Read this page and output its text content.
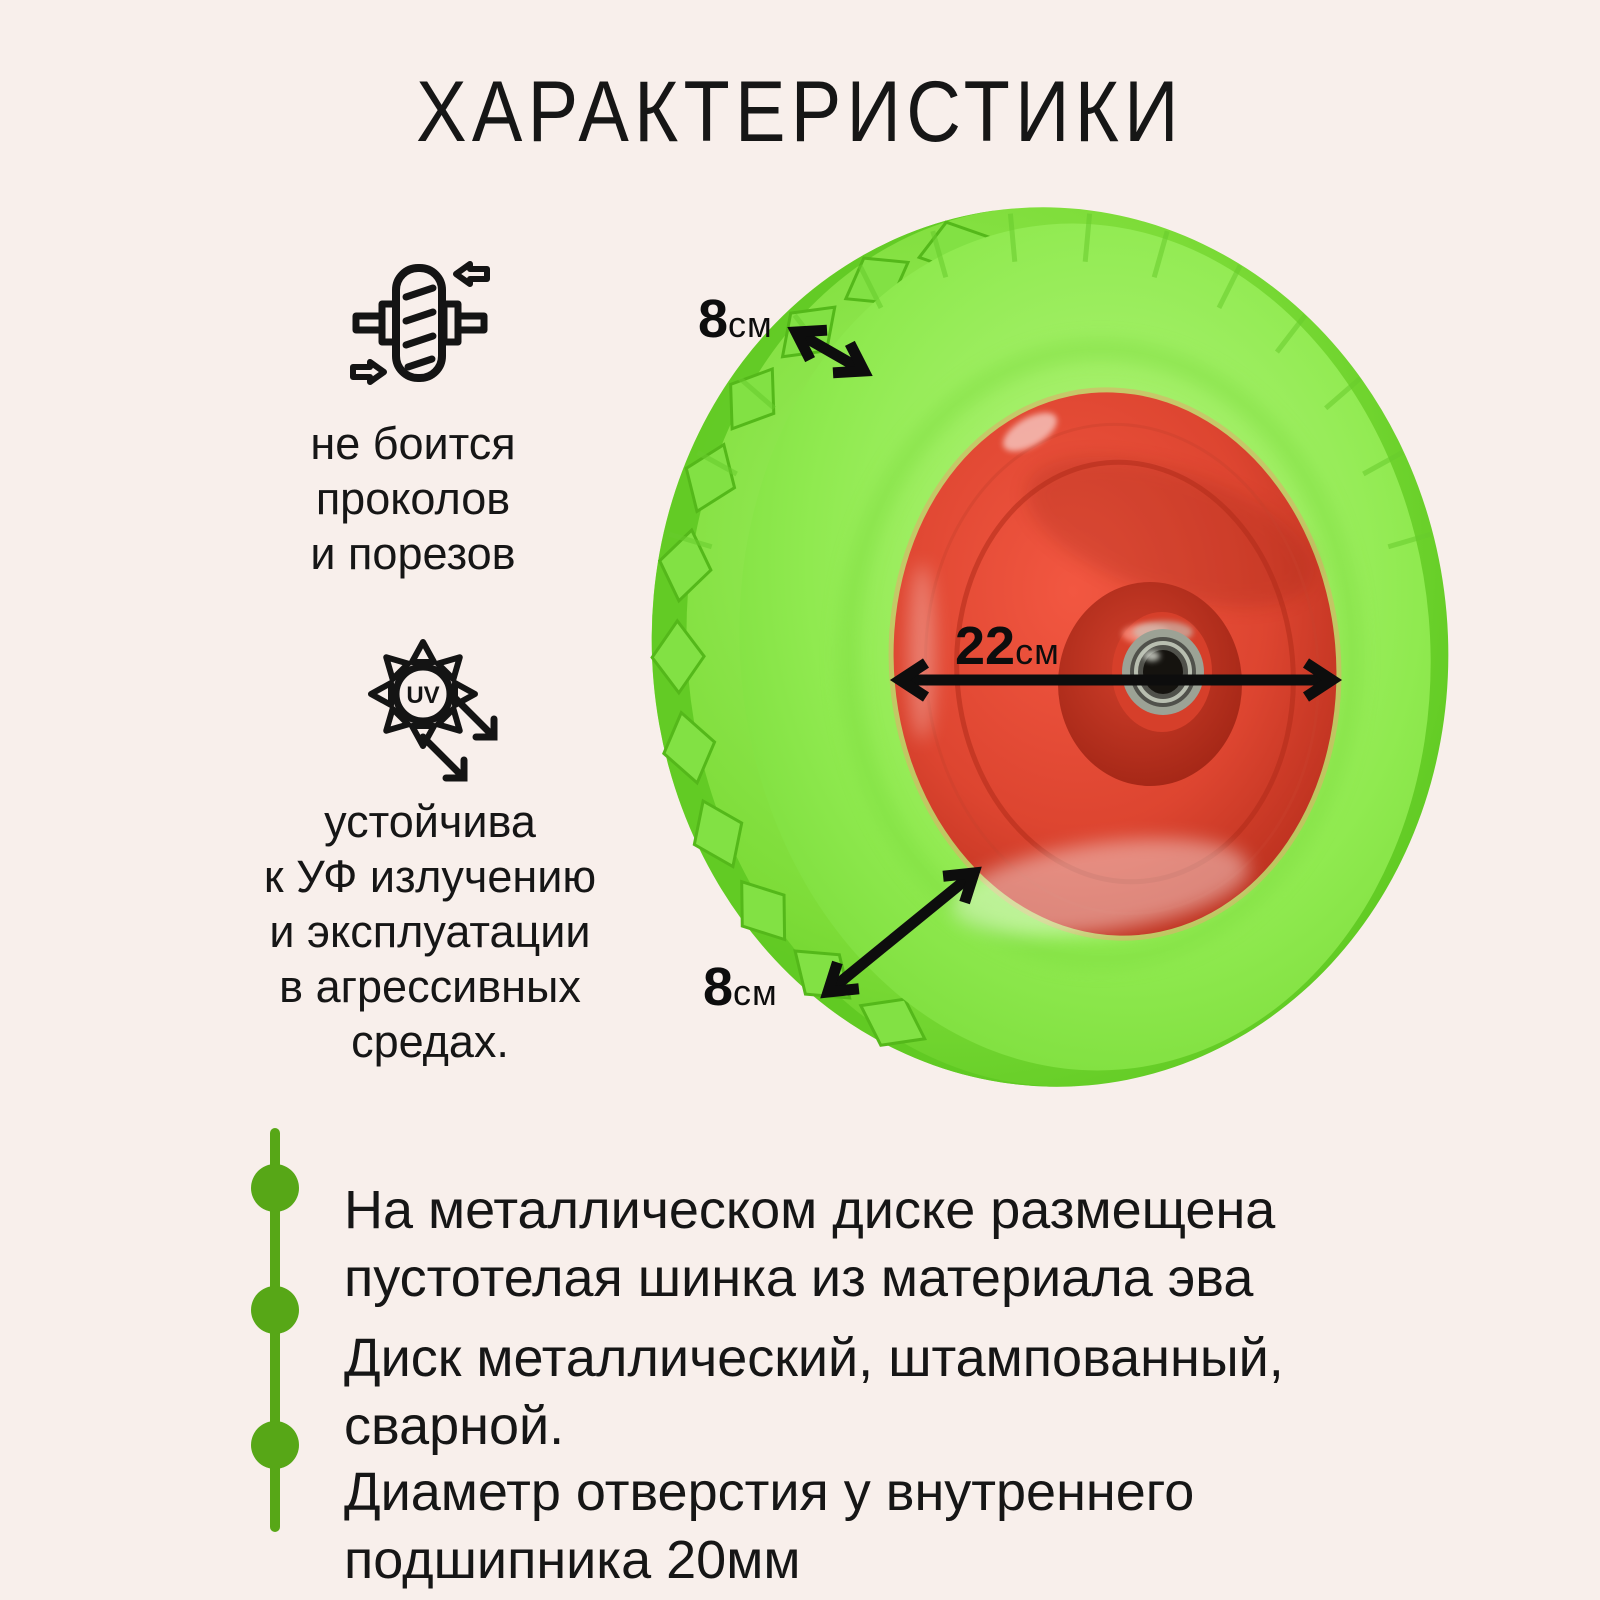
ХАРАКТЕРИСТИКИ
не боится
проколов
и порезов
UV
устойчива
к УФ излучению
и эксплуатации
в агрессивных
средах.
8см
22см
8см

На металлическом диске размещена пустотелая шинка из материала эва

Диск металлический, штампованный, сварной.

Диаметр отверстия у внутреннего подшипника 20мм
